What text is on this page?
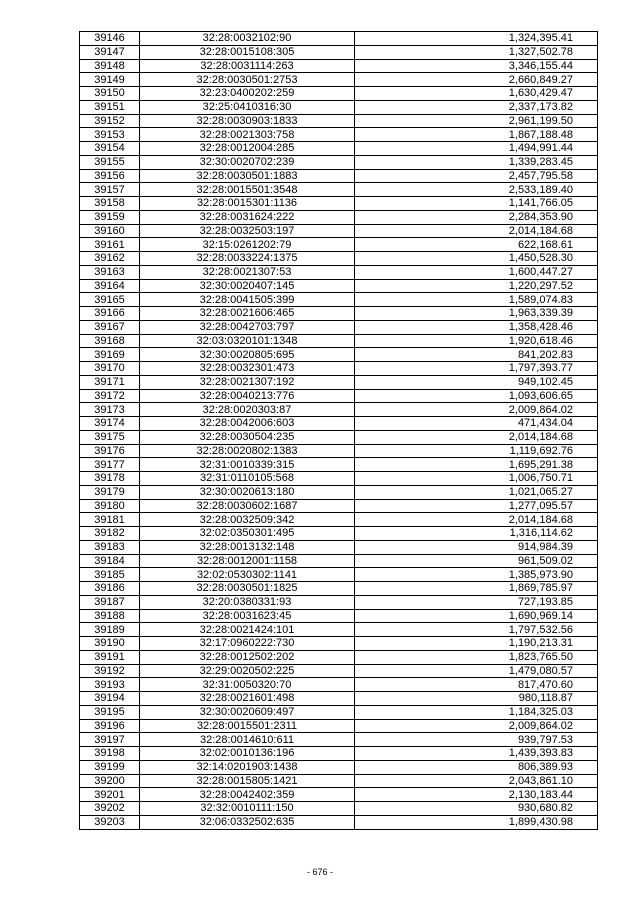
39146	32:28:0032102:90	1,324,395.41
39147	32:28:0015108:305	1,327,502.78
39148	32:28:0031114:263	3,346,155.44
39149	32:28:0030501:2753	2,660,849.27
39150	32:23:0400202:259	1,630,429.47
39151	32:25:0410316:30	2,337,173.82
39152	32:28:0030903:1833	2,961,199.50
39153	32:28:0021303:758	1,867,188.48
39154	32:28:0012004:285	1,494,991.44
39155	32:30:0020702:239	1,339,283.45
39156	32:28:0030501:1883	2,457,795.58
39157	32:28:0015501:3548	2,533,189.40
39158	32:28:0015301:1136	1,141,766.05
39159	32:28:0031624:222	2,284,353.90
39160	32:28:0032503:197	2,014,184.68
39161	32:15:0261202:79	622,168.61
39162	32:28:0033224:1375	1,450,528.30
39163	32:28:0021307:53	1,600,447.27
39164	32:30:0020407:145	1,220,297.52
39165	32:28:0041505:399	1,589,074.83
39166	32:28:0021606:465	1,963,339.39
39167	32:28:0042703:797	1,358,428.46
39168	32:03:0320101:1348	1,920,618.46
39169	32:30:0020805:695	841,202.83
39170	32:28:0032301:473	1,797,393.77
39171	32:28:0021307:192	949,102.45
39172	32:28:0040213:776	1,093,606.65
39173	32:28:0020303:87	2,009,864.02
39174	32:28:0042006:603	471,434.04
39175	32:28:0030504:235	2,014,184.68
39176	32:28:0020802:1383	1,119,692.76
39177	32:31:0010339:315	1,695,291.38
39178	32:31:0110105:568	1,006,750.71
39179	32:30:0020613:180	1,021,065.27
39180	32:28:0030602:1687	1,277,095.57
39181	32:28:0032509:342	2,014,184.68
39182	32:02:0350301:495	1,316,114.62
39183	32:28:0013132:148	914,984.39
39184	32:28:0012001:1158	961,509.02
39185	32:02:0530302:1141	1,385,973.90
39186	32:28:0030501:1825	1,869,785.97
39187	32:20:0380331:93	727,193.85
39188	32:28:0031623:45	1,690,969.14
39189	32:28:0021424:101	1,797,532.56
39190	32:17:0960222:730	1,190,213.31
39191	32:28:0012502:202	1,823,765.50
39192	32:29:0020502:225	1,479,080.57
39193	32:31:0050320:70	817,470.60
39194	32:28:0021601:498	980,118.87
39195	32:30:0020609:497	1,184,325.03
39196	32:28:0015501:2311	2,009,864.02
39197	32:28:0014610:611	939,797.53
39198	32:02:0010136:196	1,439,393.83
39199	32:14:0201903:1438	806,389.93
39200	32:28:0015805:1421	2,043,861.10
39201	32:28:0042402:359	2,130,183.44
39202	32:32:0010111:150	930,680.82
39203	32:06:0332502:635	1,899,430.98
- 676 -
